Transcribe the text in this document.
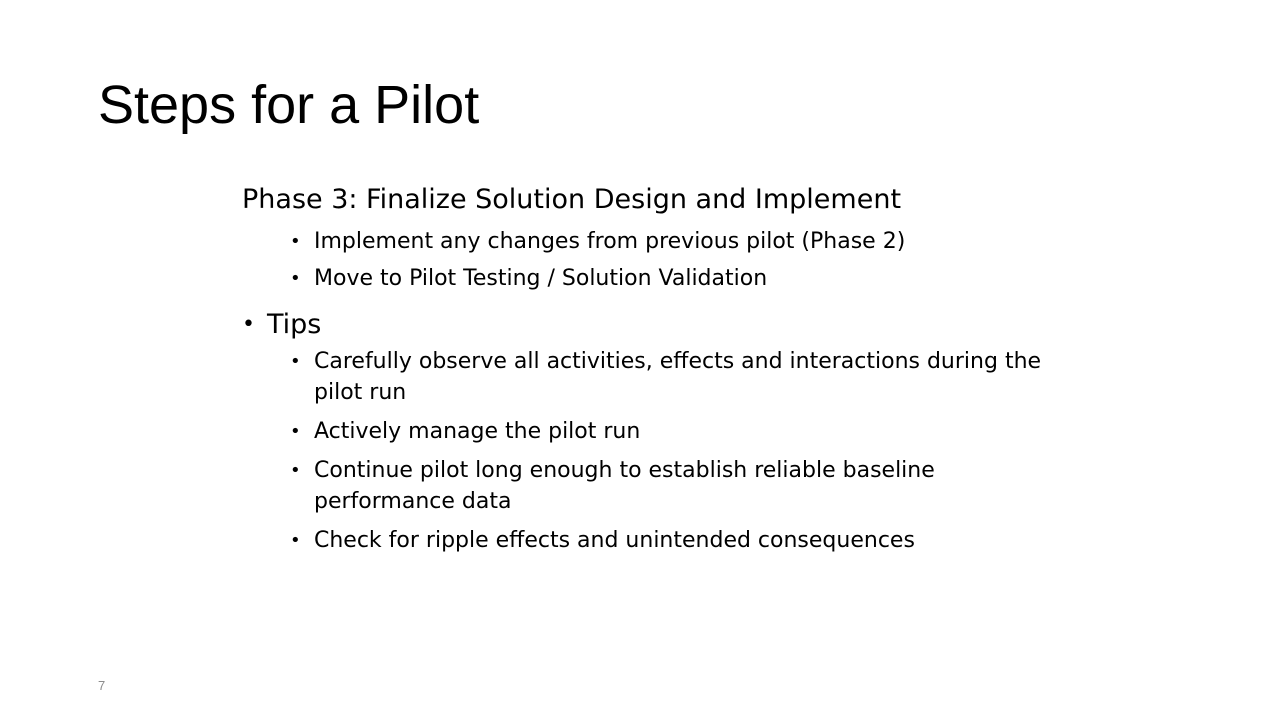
Steps for a Pilot
Phase 3: Finalize Solution Design and Implement
• Implement any changes from previous pilot (Phase 2)
• Move to Pilot Testing / Solution Validation
• Tips
• Carefully observe all activities, effects and interactions during the pilot run
• Actively manage the pilot run
• Continue pilot long enough to establish reliable baseline performance data
• Check for ripple effects and unintended consequences
7
